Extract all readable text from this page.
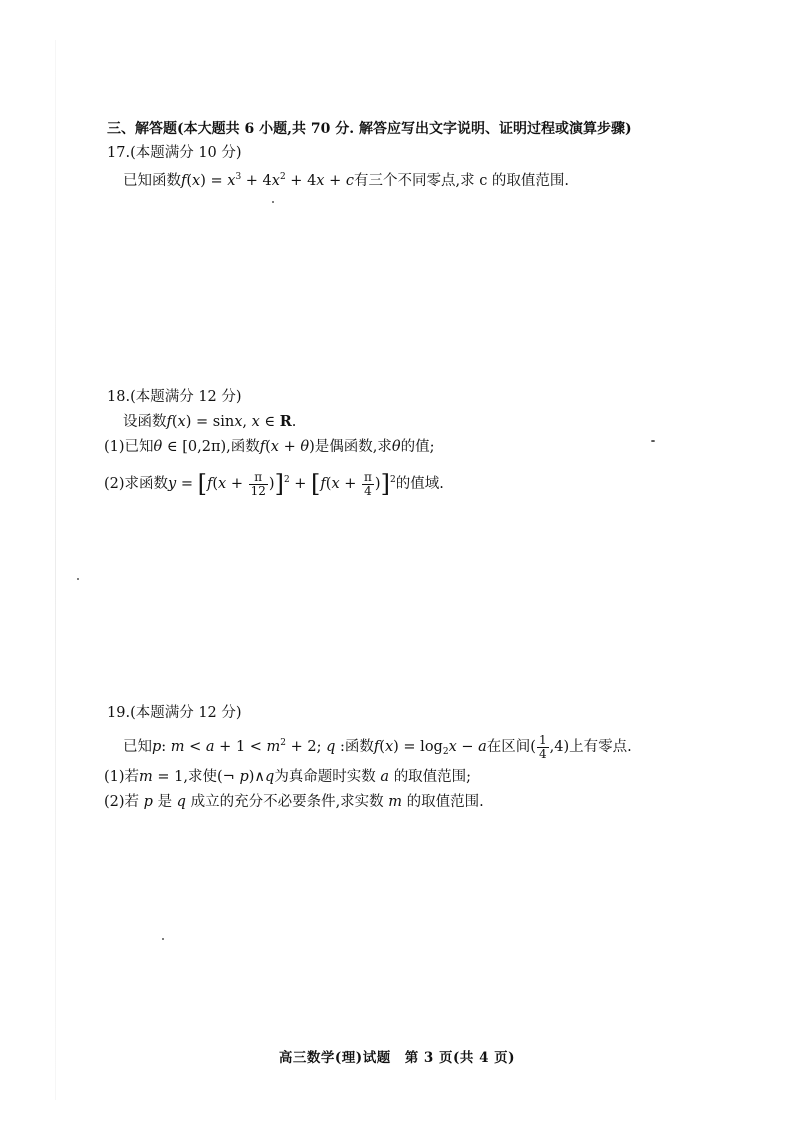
三、解答题(本大题共 6 小题,共 70 分. 解答应写出文字说明、证明过程或演算步骤)
17.(本题满分 10 分)
已知函数$f(x) = x^3 + 4x^2 + 4x + c$有三个不同零点,求 c 的取值范围.
18.(本题满分 12 分)
设函数f(x) = sinx, x ∈ R.
(1)已知θ ∈ [0,2π),函数f(x + θ)是偶函数,求θ的值;
(2)求函数$y = [f(x + \frac{\pi}{12} )]^2 + [f(x + \frac{\pi}{4} )]^2$的值域.
19.(本题满分 12 分)
已知p: $m < a + 1 < m^2 + 2$; q :函数$f(x) = \log_2x - a$在区间( $\frac{1}{4} ,4$)上有零点.
(1)若m = 1,求使(¬ p)∧q为真命题时实数 a 的取值范围;
(2)若 p 是 q 成立的充分不必要条件,求实数 m 的取值范围.
高三数学(理)试题　第 3 页(共 4 页)
